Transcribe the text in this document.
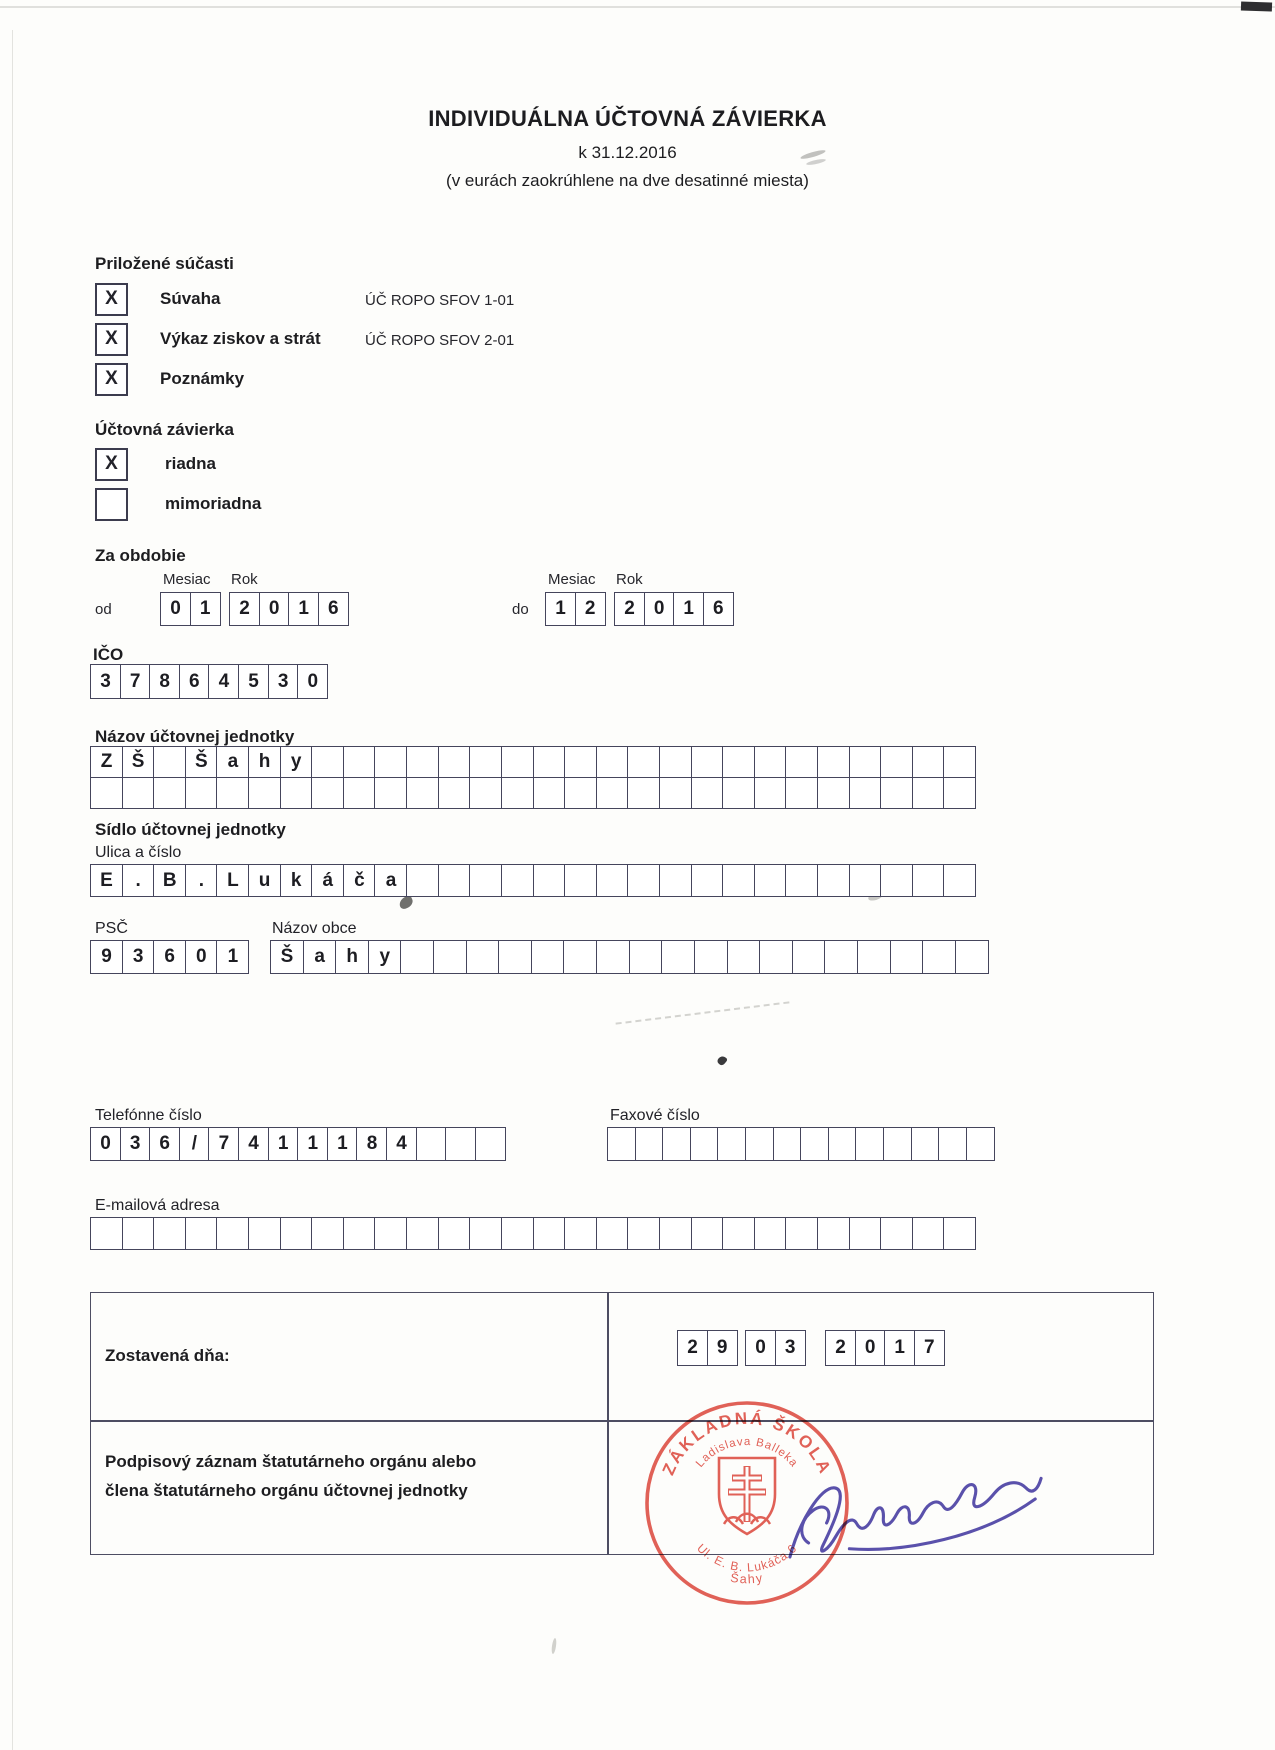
INDIVIDUÁLNA ÚČTOVNÁ ZÁVIERKA
k 31.12.2016
(v eurách zaokrúhlene na dve desatinné miesta)
Priložené súčasti
X	Súvaha	ÚČ ROPO SFOV 1-01
X	Výkaz ziskov a strát	ÚČ ROPO SFOV 2-01
X	Poznámky
Účtovná závierka
X	riadna
mimoriadna
Za obdobie
Mesiac Rok
od	0	1	2	0	1	6
Mesiac Rok
do	1	2	2	0	1	6
IČO
3	7	8	6	4	5	3	0
Názov účtovnej jednotky
Z	Š	Š	a	h	y
Sídlo účtovnej jednotky
Ulica a číslo
E	.	B	.	L	u	k	á	č	a
PSČ
9	3	6	0	1
Názov obce
Š	a	h	y
Telefónne číslo
0	3	6	/	7	4	1	1	1	8	4
Faxové číslo
E-mailová adresa
Zostavená dňa:	2	9	0	3	2	0	1	7
Podpisový záznam štatutárneho orgánu alebo
člena štatutárneho orgánu účtovnej jednotky
ZÁKLADNÁ ŠKOLA
Ladislava Balleka
Ul. E. B. Lukáča 6
Šahy
